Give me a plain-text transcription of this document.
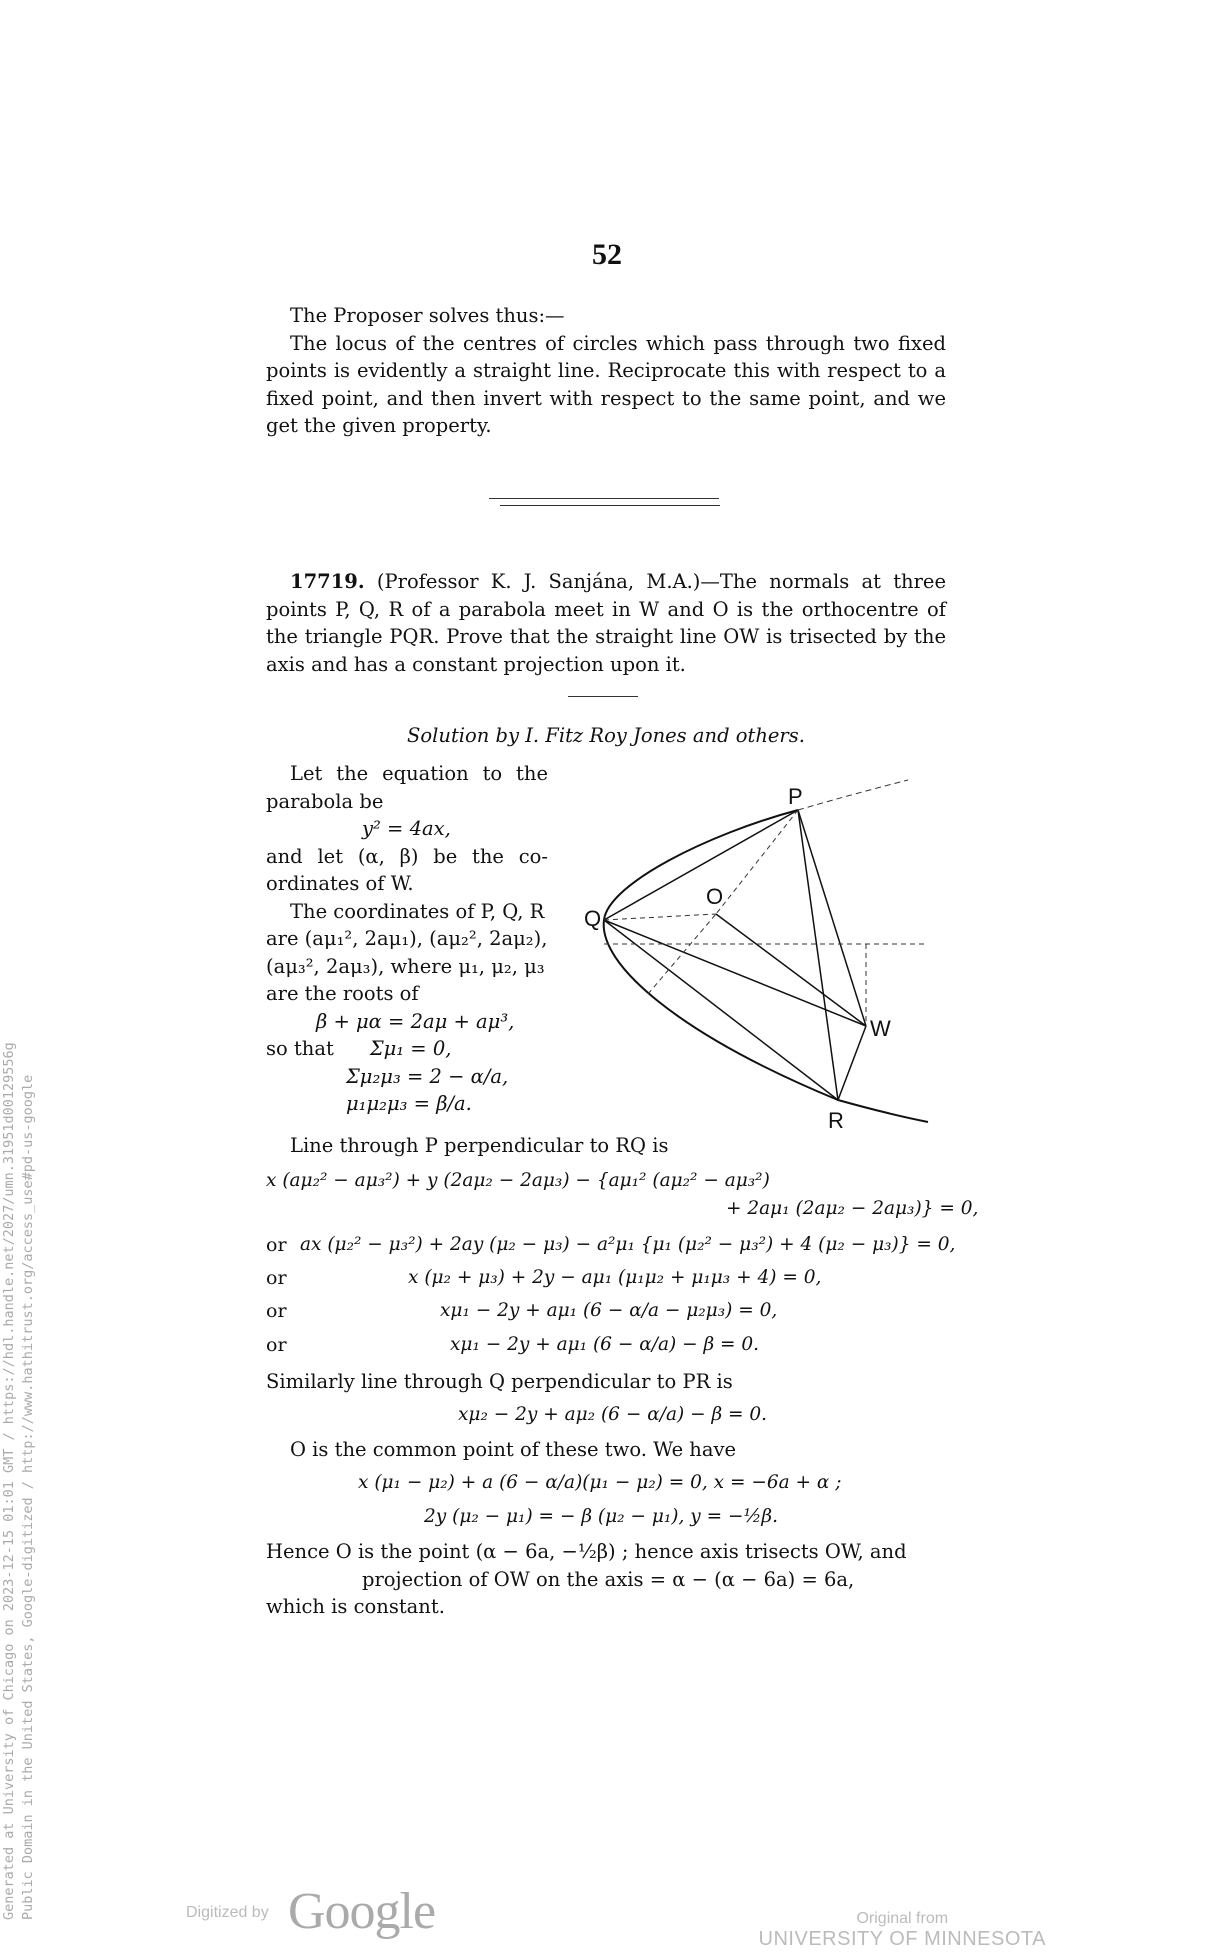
Generated at University of Chicago on 2023-12-15 01:01 GMT / https://hdl.handle.net/2027/umn.31951d00129556g Public Domain in the United States, Google-digitized / http://www.hathitrust.org/access_use#pd-us-google
52

The Proposer solves thus:—

The locus of the centres of circles which pass through two fixed points is evidently a straight line. Reciprocate this with respect to a fixed point, and then invert with respect to the same point, and we get the given property.

17719. (Professor K. J. Sanjána, M.A.)—The normals at three points P, Q, R of a parabola meet in W and O is the orthocentre of the triangle PQR. Prove that the straight line OW is trisected by the axis and has a constant projection upon it.

Solution by I. Fitz Roy Jones and others.

Let the equation to the parabola be

y² = 4ax,

and let (α, β) be the co-ordinates of W.

The coordinates of P, Q, R

are (aμ₁², 2aμ₁), (aμ₂², 2aμ₂),

(aμ₃², 2aμ₃), where μ₁, μ₂, μ₃

are the roots of

β + μα = 2aμ + aμ³,

so that Σμ₁ = 0,

Σμ₂μ₃ = 2 − α/a,

μ₁μ₂μ₃ = β/a.

P
Q
O
W
R

Line through P perpendicular to RQ is

x (aμ₂² − aμ₃²) + y (2aμ₂ − 2aμ₃) − {aμ₁² (aμ₂² − aμ₃²)
+ 2aμ₁ (2aμ₂ − 2aμ₃)} = 0,
or ax (μ₂² − μ₃²) + 2ay (μ₂ − μ₃) − a²μ₁ {μ₁ (μ₂² − μ₃²) + 4 (μ₂ − μ₃)} = 0,
or	x (μ₂ + μ₃) + 2y − aμ₁ (μ₁μ₂ + μ₁μ₃ + 4) = 0,
or	xμ₁ − 2y + aμ₁ (6 − α/a − μ₂μ₃) = 0,
or	xμ₁ − 2y + aμ₁ (6 − α/a) − β = 0.

Similarly line through Q perpendicular to PR is

xμ₂ − 2y + aμ₂ (6 − α/a) − β = 0.

O is the common point of these two. We have

x (μ₁ − μ₂) + a (6 − α/a)(μ₁ − μ₂) = 0, x = −6a + α ;
2y (μ₂ − μ₁) = − β (μ₂ − μ₁), y = −½β.

Hence O is the point (α − 6a, −½β) ; hence axis trisects OW, and

projection of OW on the axis = α − (α − 6a) = 6a,

which is constant.

Digitized by Google	Original from
UNIVERSITY OF MINNESOTA
